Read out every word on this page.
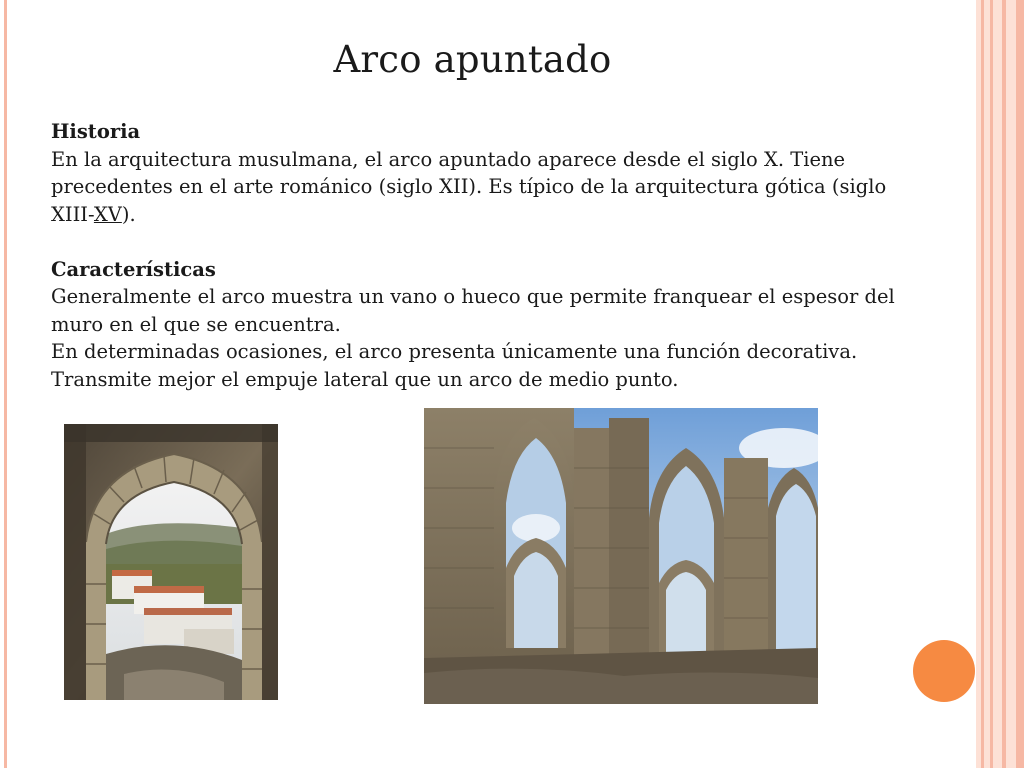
Arco apuntado

Historia

En la arquitectura musulmana, el arco apuntado aparece desde el siglo X. Tiene precedentes en el arte románico (siglo XII). Es típico de la arquitectura gótica (siglo XIII-XV).

Características

Generalmente el arco muestra un vano o hueco que permite franquear el espesor del muro en el que se encuentra.

En determinadas ocasiones, el arco presenta únicamente una función decorativa.

Transmite mejor el empuje lateral que un arco de medio punto.
